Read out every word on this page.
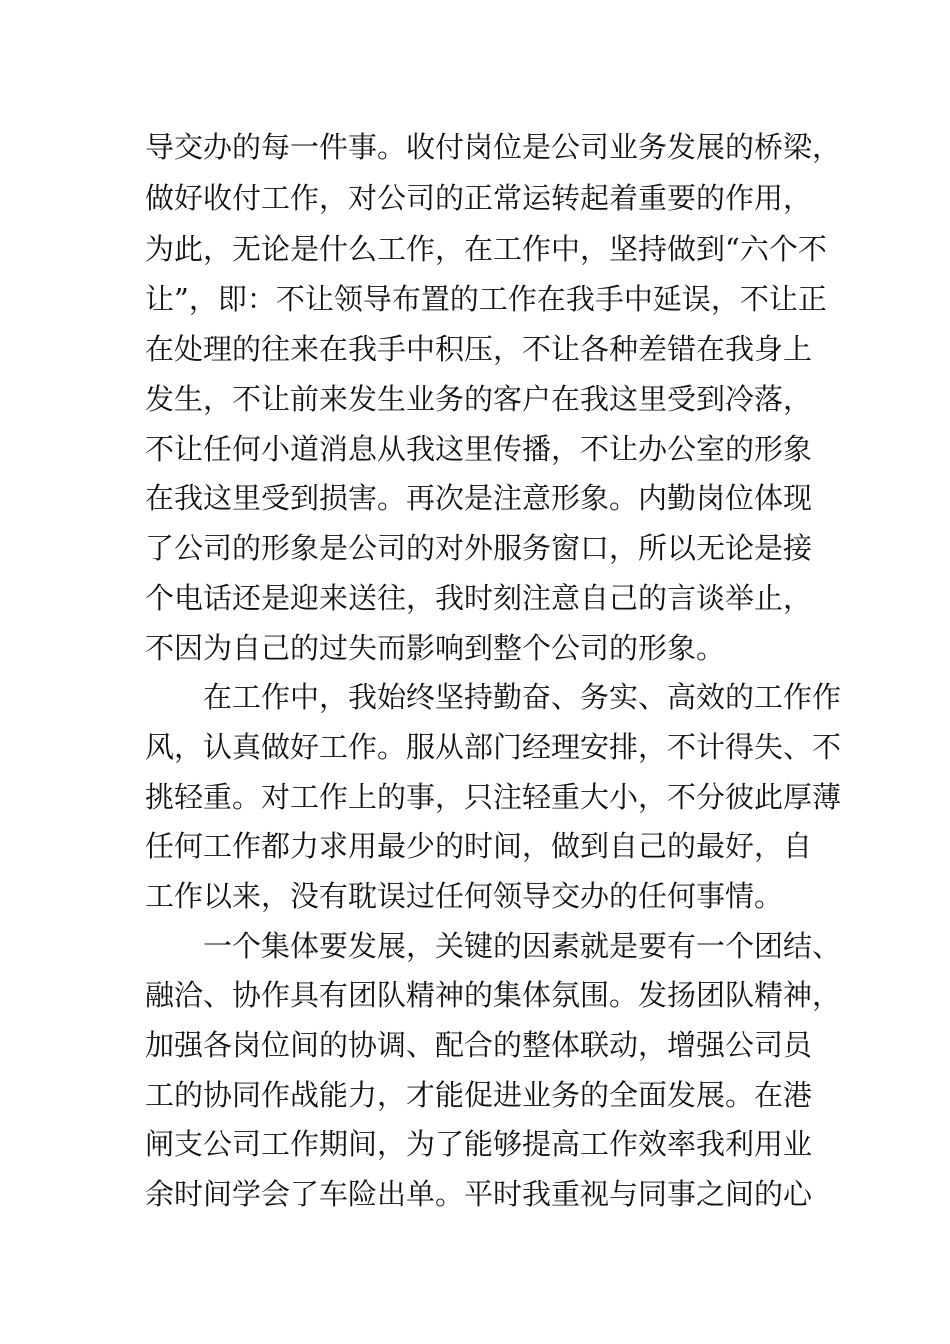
导交办的每一件事。收付岗位是公司业务发展的桥梁，
做好收付工作，对公司的正常运转起着重要的作用，
为此，无论是什么工作，在工作中，坚持做到“六个不
让”，即：不让领导布置的工作在我手中延误，不让正
在处理的往来在我手中积压，不让各种差错在我身上
发生，不让前来发生业务的客户在我这里受到冷落，
不让任何小道消息从我这里传播，不让办公室的形象
在我这里受到损害。再次是注意形象。内勤岗位体现
了公司的形象是公司的对外服务窗口，所以无论是接
个电话还是迎来送往，我时刻注意自己的言谈举止，
不因为自己的过失而影响到整个公司的形象。
在工作中，我始终坚持勤奋、务实、高效的工作作
风，认真做好工作。服从部门经理安排，不计得失、不
挑轻重。对工作上的事，只注轻重大小，不分彼此厚薄
任何工作都力求用最少的时间，做到自己的最好，自
工作以来，没有耽误过任何领导交办的任何事情。
一个集体要发展，关键的因素就是要有一个团结、
融洽、协作具有团队精神的集体氛围。发扬团队精神，
加强各岗位间的协调、配合的整体联动，增强公司员
工的协同作战能力，才能促进业务的全面发展。在港
闸支公司工作期间，为了能够提高工作效率我利用业
余时间学会了车险出单。平时我重视与同事之间的心
